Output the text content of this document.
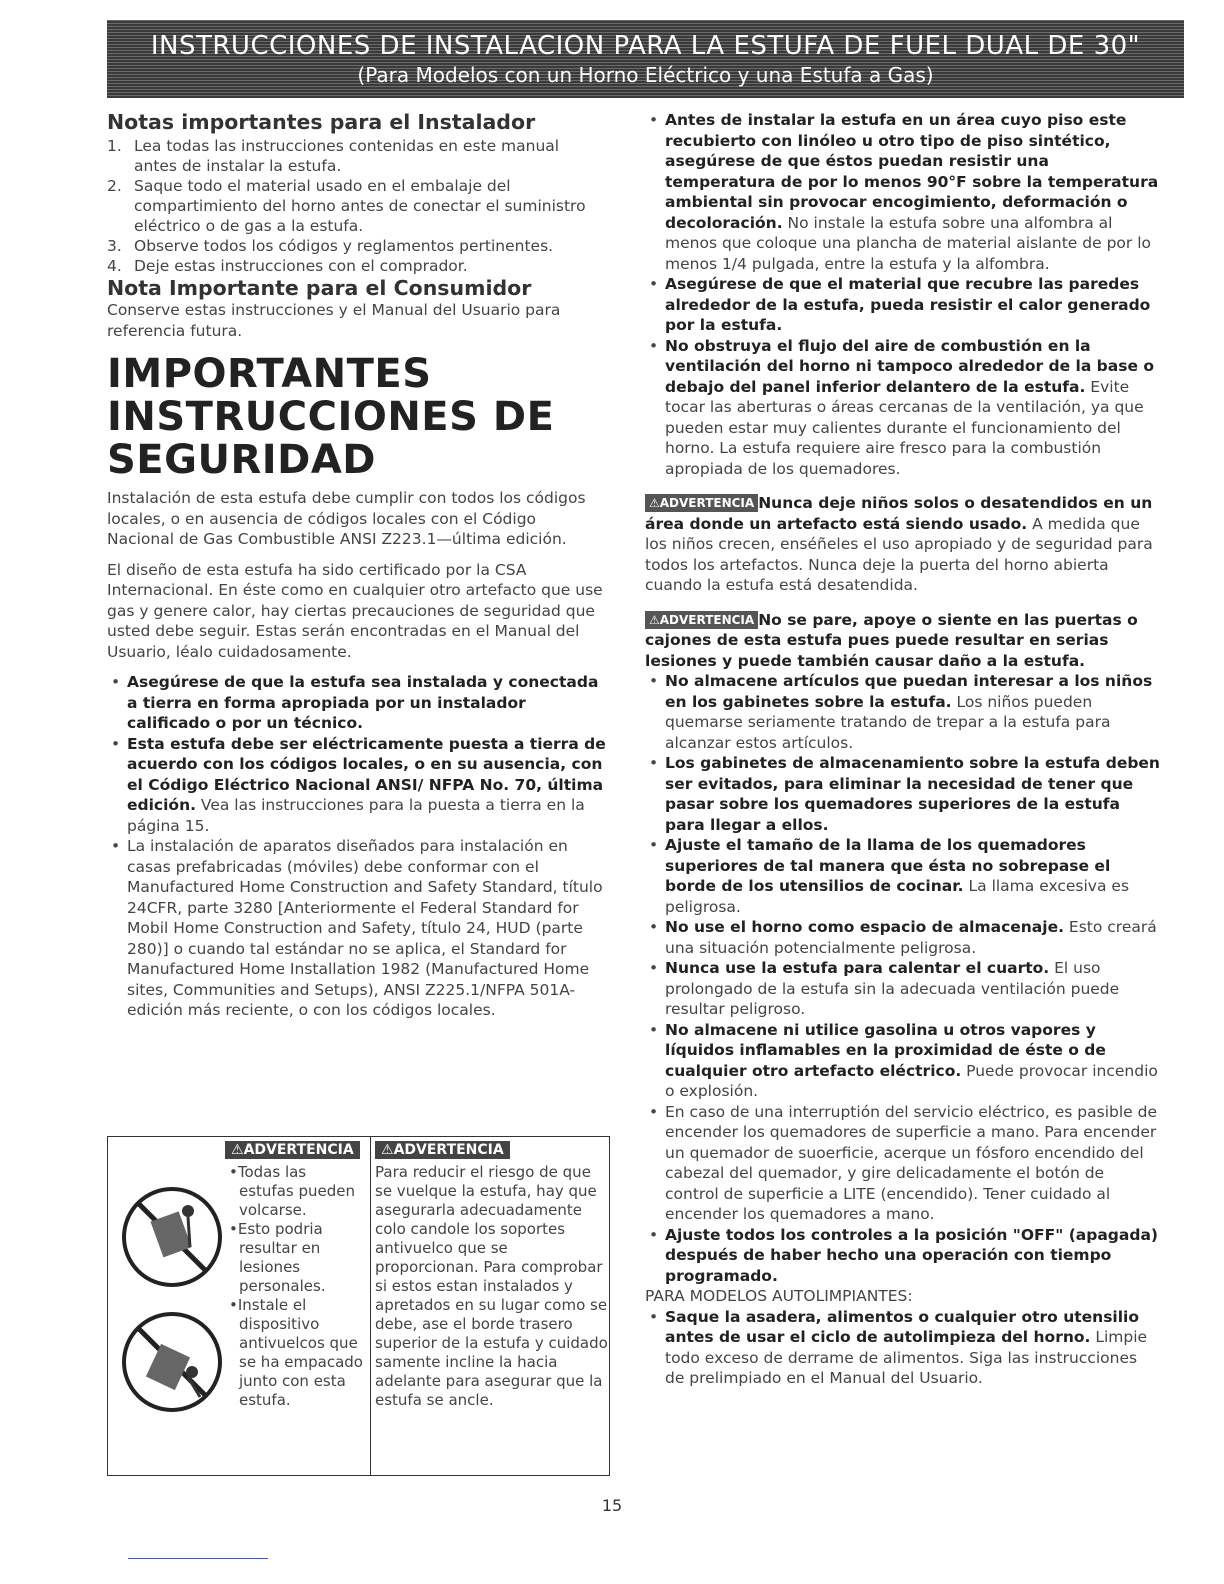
INSTRUCCIONES DE INSTALACION PARA LA ESTUFA DE FUEL DUAL DE 30"
(Para Modelos con un Horno Eléctrico y una Estufa a Gas)
Notas importantes para el Instalador
1. Lea todas las instrucciones contenidas en este manual antes de instalar la estufa.
2. Saque todo el material usado en el embalaje del compartimiento del horno antes de conectar el suministro eléctrico o de gas a la estufa.
3. Observe todos los códigos y reglamentos pertinentes.
4. Deje estas instrucciones con el comprador.
Nota Importante para el Consumidor

Conserve estas instrucciones y el Manual del Usuario para referencia futura.

IMPORTANTES
INSTRUCCIONES DE
SEGURIDAD

Instalación de esta estufa debe cumplir con todos los códigos locales, o en ausencia de códigos locales con el Código Nacional de Gas Combustible ANSI Z223.1—última edición.

El diseño de esta estufa ha sido certificado por la CSA Internacional. En éste como en cualquier otro artefacto que use gas y genere calor, hay ciertas precauciones de seguridad que usted debe seguir. Estas serán encontradas en el Manual del Usuario, léalo cuidadosamente.

• Asegúrese de que la estufa sea instalada y conectada a tierra en forma apropiada por un instalador calificado o por un técnico.
• Esta estufa debe ser eléctricamente puesta a tierra de acuerdo con los códigos locales, o en su ausencia, con el Código Eléctrico Nacional ANSI/ NFPA No. 70, última edición. Vea las instrucciones para la puesta a tierra en la página 15.
• La instalación de aparatos diseñados para instalación en casas prefabricadas (móviles) debe conformar con el Manufactured Home Construction and Safety Standard, título 24CFR, parte 3280 [Anteriormente el Federal Standard for Mobil Home Construction and Safety, título 24, HUD (parte 280)] o cuando tal estándar no se aplica, el Standard for Manufactured Home Installation 1982 (Manufactured Home sites, Communities and Setups), ANSI Z225.1/NFPA 501A-edición más reciente, o con los códigos locales.
⚠ADVERTENCIA
•Todas las estufas pueden volcarse.
•Esto podria resultar en lesiones personales.
•Instale el dispositivo antivuelcos que se ha empacado junto con esta estufa.
⚠ADVERTENCIA
Para reducir el riesgo de que se vuelque la estufa, hay que asegurarla adecuadamente colo candole los soportes antivuelco que se proporcionan. Para comprobar si estos estan instalados y apretados en su lugar como se debe, ase el borde trasero superior de la estufa y cuidado samente incline la hacia adelante para asegurar que la estufa se ancle.
• Antes de instalar la estufa en un área cuyo piso este recubierto con linóleo u otro tipo de piso sintético, asegúrese de que éstos puedan resistir una temperatura de por lo menos 90°F sobre la temperatura ambiental sin provocar encogimiento, deformación o decoloración. No instale la estufa sobre una alfombra al menos que coloque una plancha de material aislante de por lo menos 1/4 pulgada, entre la estufa y la alfombra.
• Asegúrese de que el material que recubre las paredes alrededor de la estufa, pueda resistir el calor generado por la estufa.
• No obstruya el flujo del aire de combustión en la ventilación del horno ni tampoco alrededor de la base o debajo del panel inferior delantero de la estufa. Evite tocar las aberturas o áreas cercanas de la ventilación, ya que pueden estar muy calientes durante el funcionamiento del horno. La estufa requiere aire fresco para la combustión apropiada de los quemadores.

⚠ADVERTENCIA Nunca deje niños solos o desatendidos en un área donde un artefacto está siendo usado. A medida que los niños crecen, enséñeles el uso apropiado y de seguridad para todos los artefactos. Nunca deje la puerta del horno abierta cuando la estufa está desatendida.

⚠ADVERTENCIA No se pare, apoye o siente en las puertas o cajones de esta estufa pues puede resultar en serias lesiones y puede también causar daño a la estufa.

• No almacene artículos que puedan interesar a los niños en los gabinetes sobre la estufa. Los niños pueden quemarse seriamente tratando de trepar a la estufa para alcanzar estos artículos.
• Los gabinetes de almacenamiento sobre la estufa deben ser evitados, para eliminar la necesidad de tener que pasar sobre los quemadores superiores de la estufa para llegar a ellos.
• Ajuste el tamaño de la llama de los quemadores superiores de tal manera que ésta no sobrepase el borde de los utensilios de cocinar. La llama excesiva es peligrosa.
• No use el horno como espacio de almacenaje. Esto creará una situación potencialmente peligrosa.
• Nunca use la estufa para calentar el cuarto. El uso prolongado de la estufa sin la adecuada ventilación puede resultar peligroso.
• No almacene ni utilice gasolina u otros vapores y líquidos inflamables en la proximidad de éste o de cualquier otro artefacto eléctrico. Puede provocar incendio o explosión.
• En caso de una interruptión del servicio eléctrico, es pasible de encender los quemadores de superficie a mano. Para encender un quemador de suoerficie, acerque un fósforo encendido del cabezal del quemador, y gire delicadamente el botón de control de superficie a LITE (encendido). Tener cuidado al encender los quemadores a mano.
• Ajuste todos los controles a la posición "OFF" (apagada) después de haber hecho una operación con tiempo programado.

PARA MODELOS AUTOLIMPIANTES:

• Saque la asadera, alimentos o cualquier otro utensilio antes de usar el ciclo de autolimpieza del horno. Limpie todo exceso de derrame de alimentos. Siga las instrucciones de prelimpiado en el Manual del Usuario.
15
